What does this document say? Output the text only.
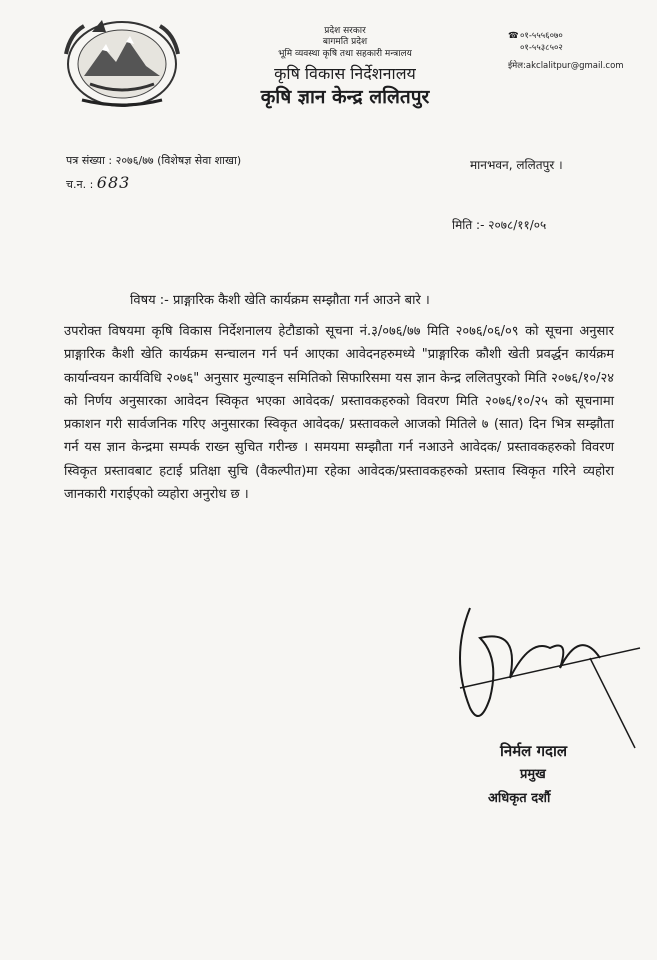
प्रदेश सरकार
बागमति प्रदेश
भूमि व्यवस्था कृषि तथा सहकारी मन्त्रालय
कृषि विकास निर्देशनालय
कृषि ज्ञान केन्द्र ललितपुर
☎०१-५५५६०७०
०१-५५३८५०२
ईमेल:akclalitpur@gmail.com
पत्र संख्या : २०७६/७७ (विशेषज्ञ सेवा शाखा)
च.न. : 683
मानभवन, ललितपुर ।
मिति :- २०७८/११/०५
विषय :- प्राङ्गारिक कैशी खेति कार्यक्रम सम्झौता गर्न आउने बारे ।
उपरोक्त विषयमा कृषि विकास निर्देशनालय हेटौडाको सूचना नं.३/०७६/७७ मिति २०७६/०६/०९ को सूचना अनुसार प्राङ्गारिक कैशी खेति कार्यक्रम सन्चालन गर्न पर्न आएका आवेदनहरुमध्ये "प्राङ्गारिक कौशी खेती प्रवर्द्धन कार्यक्रम कार्यान्वयन कार्यविधि २०७६" अनुसार मुल्याङ्न समितिको सिफारिसमा यस ज्ञान केन्द्र ललितपुरको मिति २०७६/१०/२४ को निर्णय अनुसारका आवेदन स्विकृत भएका आवेदक/ प्रस्तावकहरुको विवरण मिति २०७६/१०/२५ को सूचनामा प्रकाशन गरी सार्वजनिक गरिए अनुसारका स्विकृत आवेदक/ प्रस्तावकले आजको मितिले ७ (सात) दिन भित्र सम्झौता गर्न यस ज्ञान केन्द्रमा सम्पर्क राख्न सुचित गरीन्छ । समयमा सम्झौता गर्न नआउने आवेदक/ प्रस्तावकहरुको विवरण स्विकृत प्रस्तावबाट हटाई प्रतिक्षा सुचि (वैकल्पीत)मा रहेका आवेदक/प्रस्तावकहरुको प्रस्ताव स्विकृत गरिने व्यहोरा जानकारी गराईएको व्यहोरा अनुरोध छ ।
निर्मल गदाल
प्रमुख
अधिकृत दर्शौ
